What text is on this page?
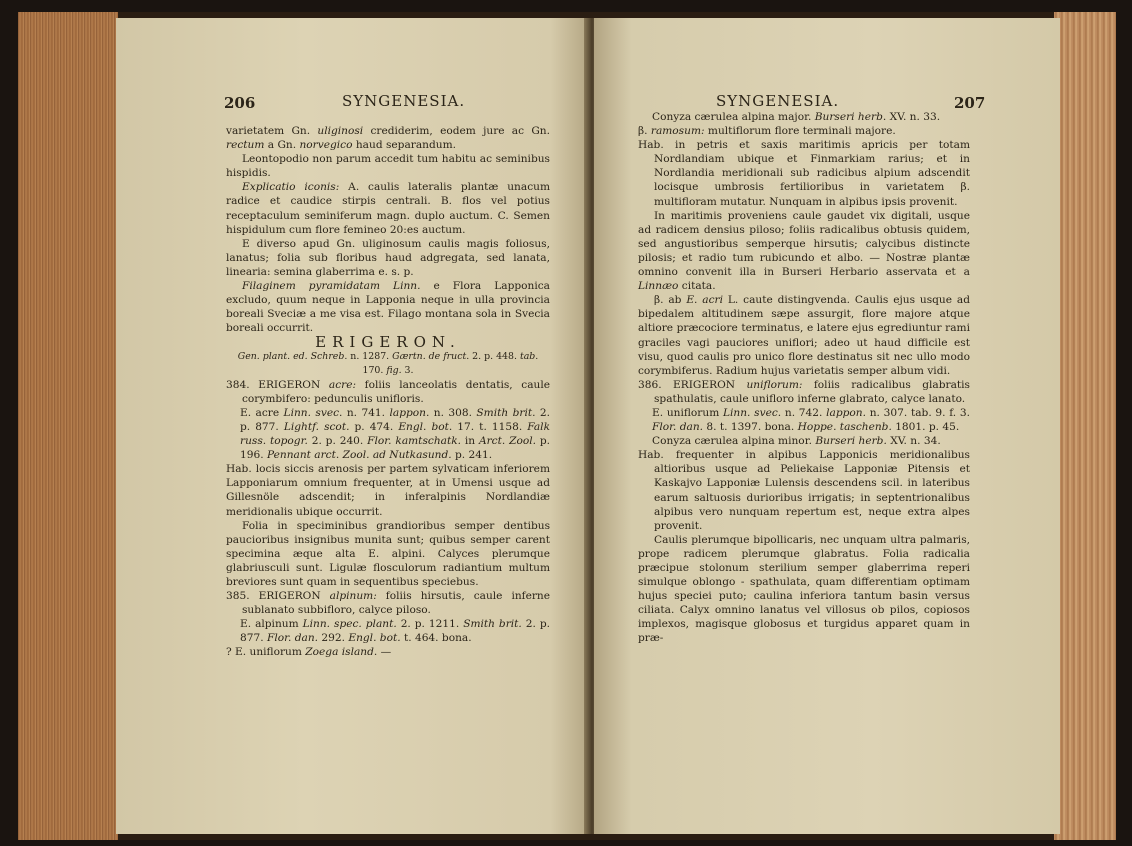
206	SYNGENESIA.

varietatem Gn. uliginosi crediderim, eodem jure ac Gn. rectum a Gn. norvegico haud separandum.

Leontopodio non parum accedit tum habitu ac seminibus hispidis.

Explicatio iconis: A. caulis lateralis plantæ unacum radice et caudice stirpis centrali. B. flos vel potius receptaculum seminiferum magn. duplo auctum. C. Semen hispidulum cum flore femineo 20:es auctum.

E diverso apud Gn. uliginosum caulis magis foliosus, lanatus; folia sub floribus haud adgregata, sed lanata, linearia: semina glaberrima e. s. p.

Filaginem pyramidatam Linn. e Flora Lapponica excludo, quum neque in Lapponia neque in ulla provincia boreali Sveciæ a me visa est. Filago montana sola in Svecia boreali occurrit.

ERIGERON.

Gen. plant. ed. Schreb. n. 1287. Gærtn. de fruct. 2. p. 448. tab. 170. fig. 3.

384. ERIGERON acre: foliis lanceolatis dentatis, caule corymbifero: pedunculis unifloris.

E. acre Linn. svec. n. 741. lappon. n. 308. Smith brit. 2. p. 877. Lightf. scot. p. 474. Engl. bot. 17. t. 1158. Falk russ. topogr. 2. p. 240. Flor. kamtschatk. in Arct. Zool. p. 196. Pennant arct. Zool. ad Nutkasund. p. 241.

Hab. locis siccis arenosis per partem sylvaticam inferiorem Lapponiarum omnium frequenter, at in Umensi usque ad Gillesnöle adscendit; in inferalpinis Nordlandiæ meridionalis ubique occurrit.

Folia in speciminibus grandioribus semper dentibus paucioribus insignibus munita sunt; quibus semper carent specimina æque alta E. alpini. Calyces plerumque glabriusculi sunt. Ligulæ flosculorum radiantium multum breviores sunt quam in sequentibus speciebus.

385. ERIGERON alpinum: foliis hirsutis, caule inferne sublanato subbifloro, calyce piloso.

E. alpinum Linn. spec. plant. 2. p. 1211. Smith brit. 2. p. 877. Flor. dan. 292. Engl. bot. t. 464. bona.

? E. uniflorum Zoega island. —

SYNGENESIA.	207

Conyza cærulea alpina major. Burseri herb. XV. n. 33.

β. ramosum: multiflorum flore terminali majore.

Hab. in petris et saxis maritimis apricis per totam Nordlandiam ubique et Finmarkiam rarius; et in Nordlandia meridionali sub radicibus alpium adscendit locisque umbrosis fertilioribus in varietatem β. multifloram mutatur. Nunquam in alpibus ipsis provenit.

In maritimis proveniens caule gaudet vix digitali, usque ad radicem densius piloso; foliis radicalibus obtusis quidem, sed angustioribus semperque hirsutis; calycibus distincte pilosis; et radio tum rubicundo et albo. — Nostræ plantæ omnino convenit illa in Burseri Herbario asservata et a Linnæo citata.

β. ab E. acri L. caute distingvenda. Caulis ejus usque ad bipedalem altitudinem sæpe assurgit, flore majore atque altiore præcociore terminatus, e latere ejus egrediuntur rami graciles vagi pauciores uniflori; adeo ut haud difficile est visu, quod caulis pro unico flore destinatus sit nec ullo modo corymbiferus. Radium hujus varietatis semper album vidi.

386. ERIGERON uniflorum: foliis radicalibus glabratis spathulatis, caule unifloro inferne glabrato, calyce lanato.

E. uniflorum Linn. svec. n. 742. lappon. n. 307. tab. 9. f. 3. Flor. dan. 8. t. 1397. bona. Hoppe. taschenb. 1801. p. 45.

Conyza cærulea alpina minor. Burseri herb. XV. n. 34.

Hab. frequenter in alpibus Lapponicis meridionalibus altioribus usque ad Peliekaise Lapponiæ Pitensis et Kaskajvo Lapponiæ Lulensis descendens scil. in lateribus earum saltuosis durioribus irrigatis; in septentrionalibus alpibus vero nunquam repertum est, neque extra alpes provenit.

Caulis plerumque bipollicaris, nec unquam ultra palmaris, prope radicem plerumque glabratus. Folia radicalia præcipue stolonum sterilium semper glaberrima reperi simulque oblongo - spathulata, quam differentiam optimam hujus speciei puto; caulina inferiora tantum basin versus ciliata. Calyx omnino lanatus vel villosus ob pilos, copiosos implexos, magisque globosus et turgidus apparet quam in præ-
